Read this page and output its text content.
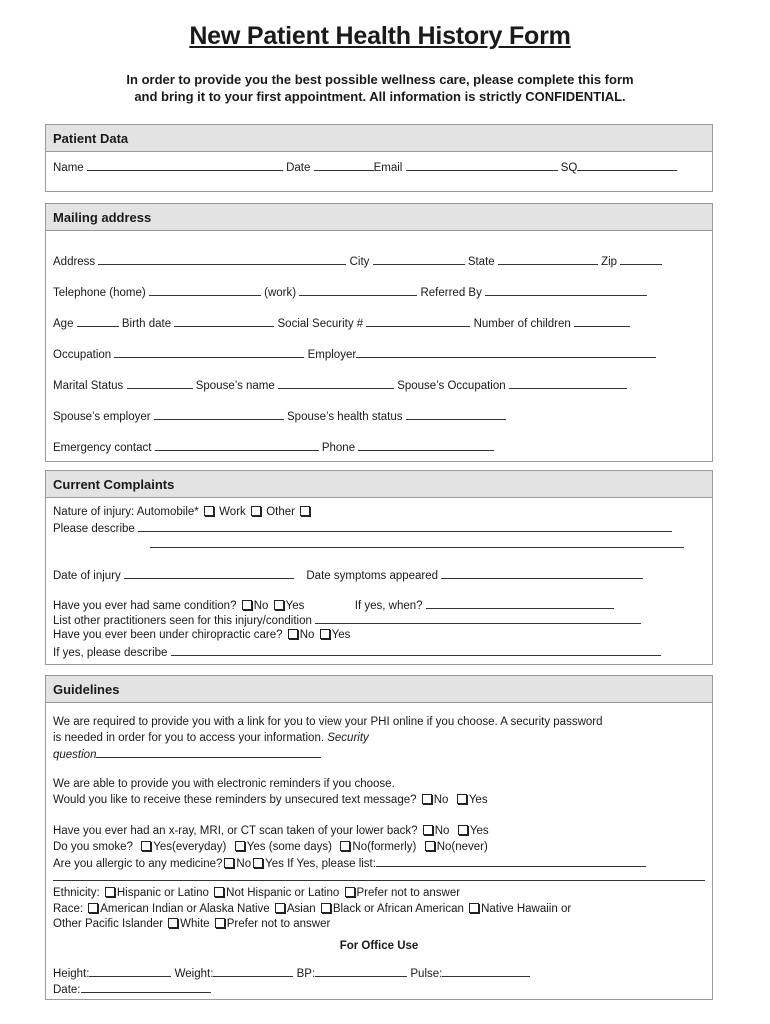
New Patient Health History Form
In order to provide you the best possible wellness care, please complete this form
and bring it to your first appointment. All information is strictly CONFIDENTIAL.
Patient Data
Name	Date	Email	SQ
Mailing address
Address	City	State	Zip
Telephone (home)	(work)	Referred By
Age	Birth date	Social Security #	Number of children
Occupation	Employer
Marital Status	Spouse’s name	Spouse’s Occupation
Spouse’s employer	Spouse’s health status
Emergency contact	Phone
Current Complaints
Nature of injury: Automobile* Work Other
Please describe
Date of injury	Date symptoms appeared
Have you ever had same condition? No Yes	If yes, when?
List other practitioners seen for this injury/condition
Have you ever been under chiropractic care? No Yes
If yes, please describe
Guidelines
We are required to provide you with a link for you to view your PHI online if you choose. A security password
is needed in order for you to access your information. Security
question
We are able to provide you with electronic reminders if you choose.
Would you like to receive these reminders by unsecured text message? No Yes
Have you ever had an x-ray, MRI, or CT scan taken of your lower back? No Yes
Do you smoke? Yes(everyday) Yes (some days) No(formerly) No(never)
Are you allergic to any medicine? No Yes If Yes, please list:
Ethnicity: Hispanic or Latino Not Hispanic or Latino Prefer not to answer
Race: American Indian or Alaska Native Asian Black or African American Native Hawaiin or
Other Pacific Islander White Prefer not to answer
For Office Use
Height:	Weight:	BP:	Pulse:
Date:
